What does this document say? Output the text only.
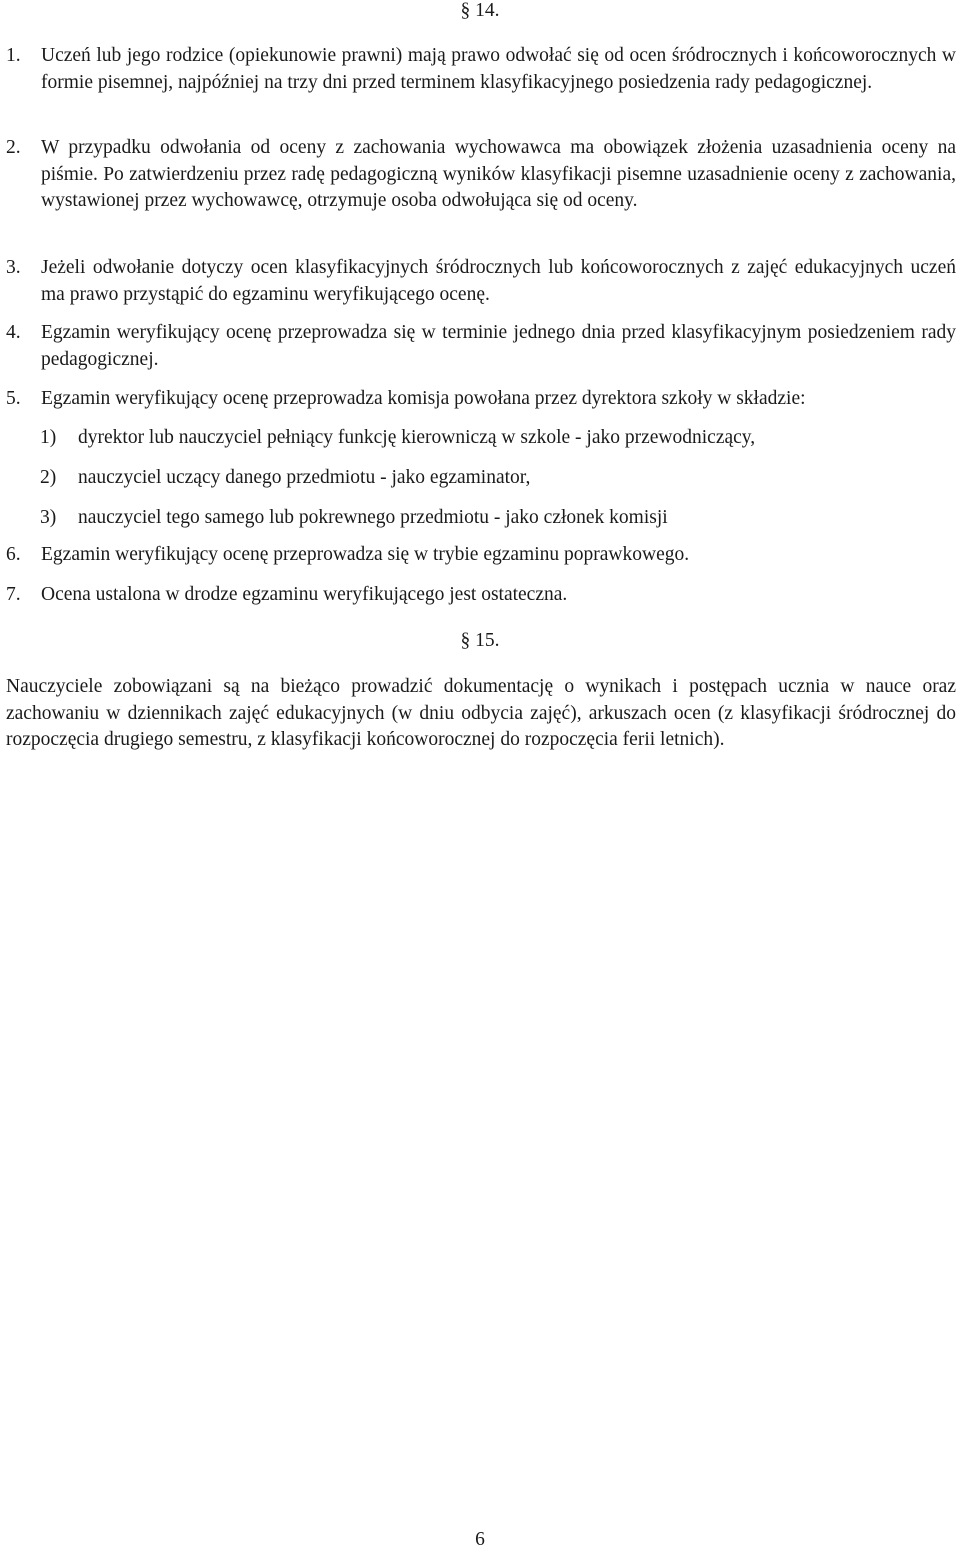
§ 14.

1. Uczeń lub jego rodzice (opiekunowie prawni) mają prawo odwołać się od ocen śródrocznych i końcoworocznych w formie pisemnej, najpóźniej na trzy dni przed terminem klasyfikacyjnego posiedzenia rady pedagogicznej.

2. W przypadku odwołania od oceny z zachowania wychowawca ma obowiązek złożenia uzasadnienia oceny na piśmie. Po zatwierdzeniu przez radę pedagogiczną wyników klasyfikacji pisemne uzasadnienie oceny z zachowania, wystawionej przez wychowawcę, otrzymuje osoba odwołująca się od oceny.

3. Jeżeli odwołanie dotyczy ocen klasyfikacyjnych śródrocznych lub końcoworocznych z zajęć edukacyjnych uczeń ma prawo przystąpić do egzaminu weryfikującego ocenę.

4. Egzamin weryfikujący ocenę przeprowadza się w terminie jednego dnia przed klasyfikacyjnym posiedzeniem rady pedagogicznej.

5. Egzamin weryfikujący ocenę przeprowadza komisja powołana przez dyrektora szkoły w składzie:

1) dyrektor lub nauczyciel pełniący funkcję kierowniczą w szkole - jako przewodniczący,

2) nauczyciel uczący danego przedmiotu - jako egzaminator,

3) nauczyciel tego samego lub pokrewnego przedmiotu - jako członek komisji

6. Egzamin weryfikujący ocenę przeprowadza się w trybie egzaminu poprawkowego.

7. Ocena ustalona w drodze egzaminu weryfikującego jest ostateczna.

§ 15.

Nauczyciele zobowiązani są na bieżąco prowadzić dokumentację o wynikach i postępach ucznia w nauce oraz zachowaniu w dziennikach zajęć edukacyjnych (w dniu odbycia zajęć), arkuszach ocen (z klasyfikacji śródrocznej do rozpoczęcia drugiego semestru, z klasyfikacji końcoworocznej do rozpoczęcia ferii letnich).

6
